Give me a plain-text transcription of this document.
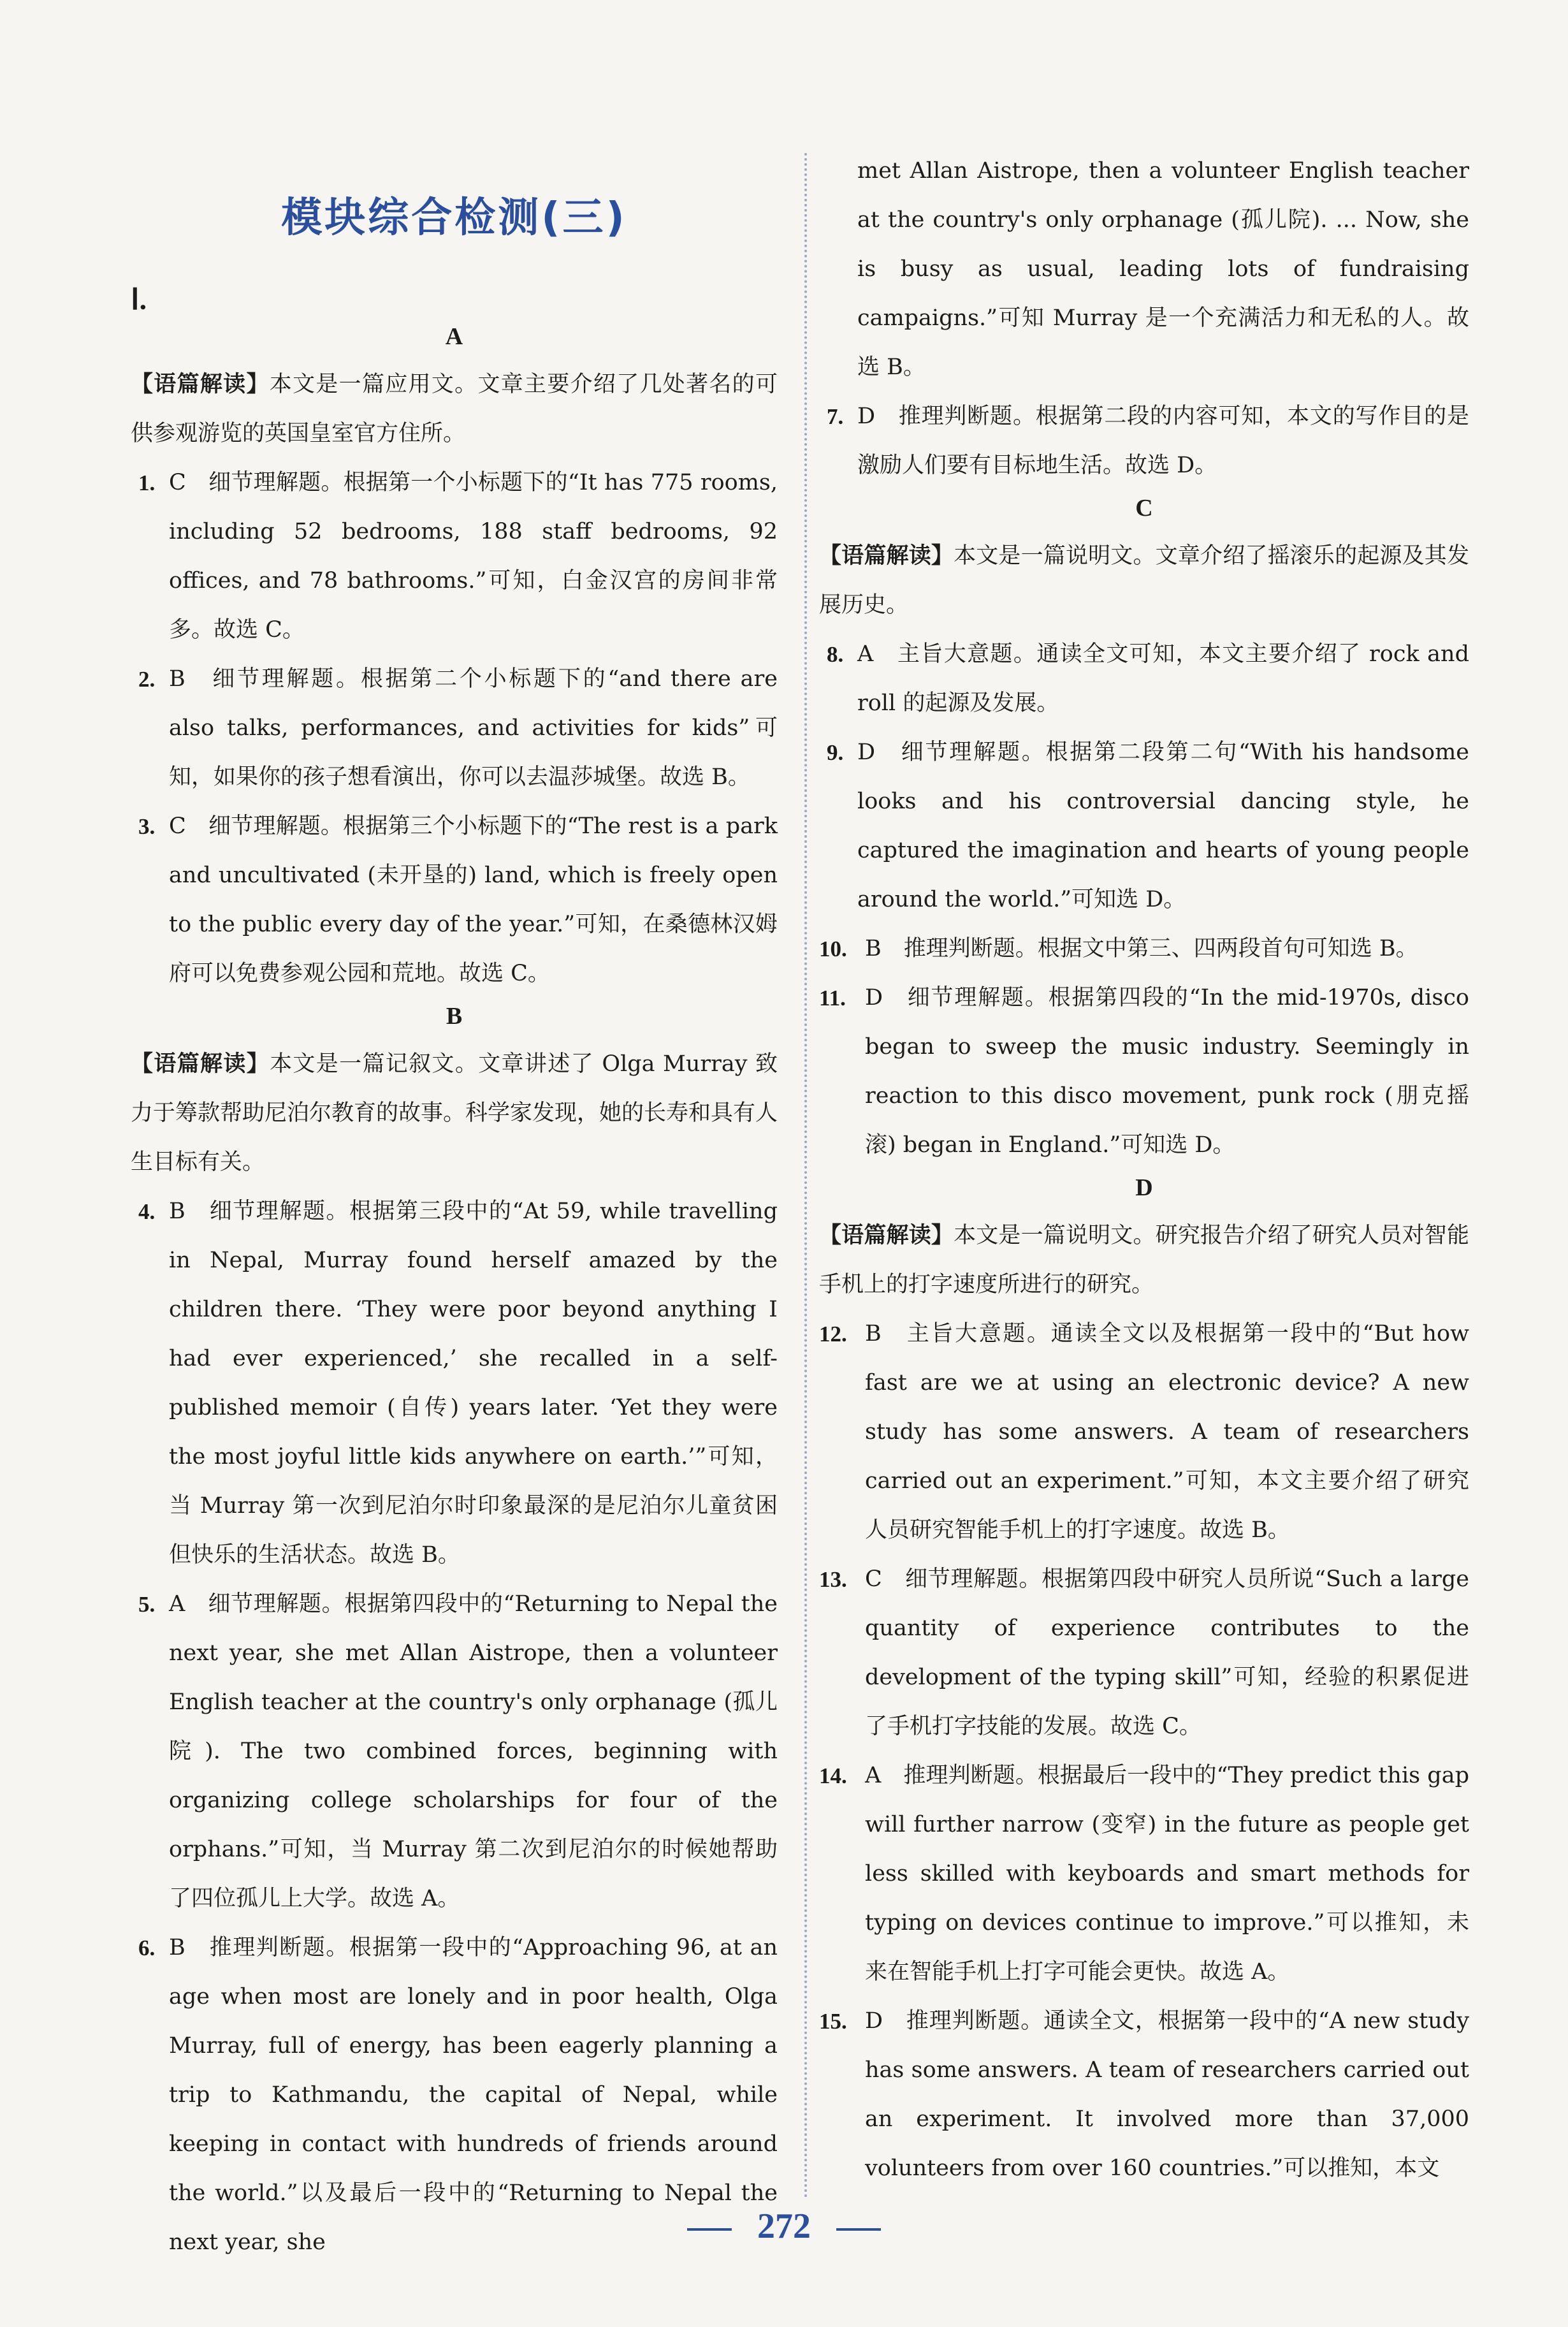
模块综合检测(三)
Ⅰ.
A

【语篇解读】本文是一篇应用文。文章主要介绍了几处著名的可供参观游览的英国皇室官方住所。

1. C　细节理解题。根据第一个小标题下的“It has 775 rooms, including 52 bedrooms, 188 staff bedrooms, 92 offices, and 78 bathrooms.”可知，白金汉宫的房间非常多。故选 C。
2. B　细节理解题。根据第二个小标题下的“and there are also talks, performances, and activities for kids”可知，如果你的孩子想看演出，你可以去温莎城堡。故选 B。
3. C　细节理解题。根据第三个小标题下的“The rest is a park and uncultivated (未开垦的) land, which is freely open to the public every day of the year.”可知，在桑德林汉姆府可以免费参观公园和荒地。故选 C。
B

【语篇解读】本文是一篇记叙文。文章讲述了 Olga Murray 致力于筹款帮助尼泊尔教育的故事。科学家发现，她的长寿和具有人生目标有关。

4. B　细节理解题。根据第三段中的“At 59, while travelling in Nepal, Murray found herself amazed by the children there. ‘They were poor beyond anything I had ever experienced,’ she recalled in a self-published memoir (自传) years later. ‘Yet they were the most joyful little kids anywhere on earth.’”可知，当 Murray 第一次到尼泊尔时印象最深的是尼泊尔儿童贫困但快乐的生活状态。故选 B。
5. A　细节理解题。根据第四段中的“Returning to Nepal the next year, she met Allan Aistrope, then a volunteer English teacher at the country's only orphanage (孤儿院). The two combined forces, beginning with organizing college scholarships for four of the orphans.”可知，当 Murray 第二次到尼泊尔的时候她帮助了四位孤儿上大学。故选 A。
6. B　推理判断题。根据第一段中的“Approaching 96, at an age when most are lonely and in poor health, Olga Murray, full of energy, has been eagerly planning a trip to Kathmandu, the capital of Nepal, while keeping in contact with hundreds of friends around the world.”以及最后一段中的“Returning to Nepal the next year, she
met Allan Aistrope, then a volunteer English teacher at the country's only orphanage (孤儿院). ... Now, she is busy as usual, leading lots of fundraising campaigns.”可知 Murray 是一个充满活力和无私的人。故选 B。
7. D　推理判断题。根据第二段的内容可知，本文的写作目的是激励人们要有目标地生活。故选 D。
C

【语篇解读】本文是一篇说明文。文章介绍了摇滚乐的起源及其发展历史。

8. A　主旨大意题。通读全文可知，本文主要介绍了 rock and roll 的起源及发展。
9. D　细节理解题。根据第二段第二句“With his handsome looks and his controversial dancing style, he captured the imagination and hearts of young people around the world.”可知选 D。
10. B　推理判断题。根据文中第三、四两段首句可知选 B。
11. D　细节理解题。根据第四段的“In the mid-1970s, disco began to sweep the music industry. Seemingly in reaction to this disco movement, punk rock (朋克摇滚) began in England.”可知选 D。
D

【语篇解读】本文是一篇说明文。研究报告介绍了研究人员对智能手机上的打字速度所进行的研究。

12. B　主旨大意题。通读全文以及根据第一段中的“But how fast are we at using an electronic device? A new study has some answers. A team of researchers carried out an experiment.”可知，本文主要介绍了研究人员研究智能手机上的打字速度。故选 B。
13. C　细节理解题。根据第四段中研究人员所说“Such a large quantity of experience contributes to the development of the typing skill”可知，经验的积累促进了手机打字技能的发展。故选 C。
14. A　推理判断题。根据最后一段中的“They predict this gap will further narrow (变窄) in the future as people get less skilled with keyboards and smart methods for typing on devices continue to improve.”可以推知，未来在智能手机上打字可能会更快。故选 A。
15. D　推理判断题。通读全文，根据第一段中的“A new study has some answers. A team of researchers carried out an experiment. It involved more than 37,000 volunteers from over 160 countries.”可以推知，本文
272
